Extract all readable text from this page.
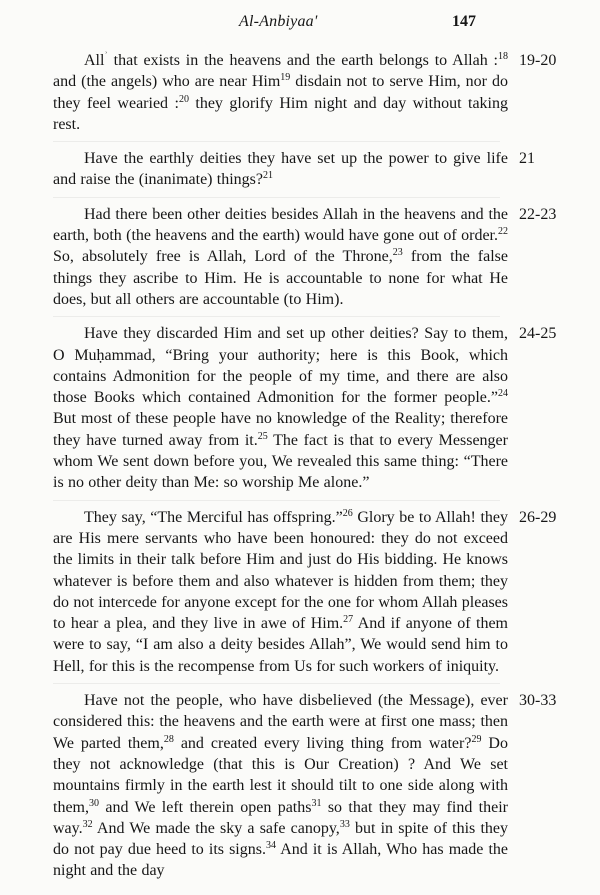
Al-Anbiyaa'	147
All$^ʾ$ that exists in the heavens and the earth belongs to Allah :$^{18}$ and (the angels) who are near Him$^{19}$ disdain not to serve Him, nor do they feel wearied :$^{20}$ they glorify Him night and day without taking rest.
19-20
Have the earthly deities they have set up the power to give life and raise the (inanimate) things?$^{21}$
21
Had there been other deities besides Allah in the heavens and the earth, both (the heavens and the earth) would have gone out of order.$^{22}$ So, absolutely free is Allah, Lord of the Throne,$^{23}$ from the false things they ascribe to Him. He is accountable to none for what He does, but all others are accountable (to Him).
22-23
Have they discarded Him and set up other deities? Say to them, O Muḥammad, “Bring your authority; here is this Book, which contains Admonition for the people of my time, and there are also those Books which contained Admonition for the former people.”$^{24}$ But most of these people have no knowledge of the Reality; therefore they have turned away from it.$^{25}$ The fact is that to every Messenger whom We sent down before you, We revealed this same thing: “There is no other deity than Me: so worship Me alone.”
24-25
They say, “The Merciful has offspring.”$^{26}$ Glory be to Allah! they are His mere servants who have been honoured: they do not exceed the limits in their talk before Him and just do His bidding. He knows whatever is before them and also whatever is hidden from them; they do not intercede for anyone except for the one for whom Allah pleases to hear a plea, and they live in awe of Him.$^{27}$ And if anyone of them were to say, “I am also a deity besides Allah”, We would send him to Hell, for this is the recompense from Us for such workers of iniquity.
26-29
Have not the people, who have disbelieved (the Message), ever considered this: the heavens and the earth were at first one mass; then We parted them,$^{28}$ and created every living thing from water?$^{29}$ Do they not acknowledge (that this is Our Creation) ? And We set mountains firmly in the earth lest it should tilt to one side along with them,$^{30}$ and We left therein open paths$^{31}$ so that they may find their way.$^{32}$ And We made the sky a safe canopy,$^{33}$ but in spite of this they do not pay due heed to its signs.$^{34}$ And it is Allah, Who has made the night and the day
30-33
